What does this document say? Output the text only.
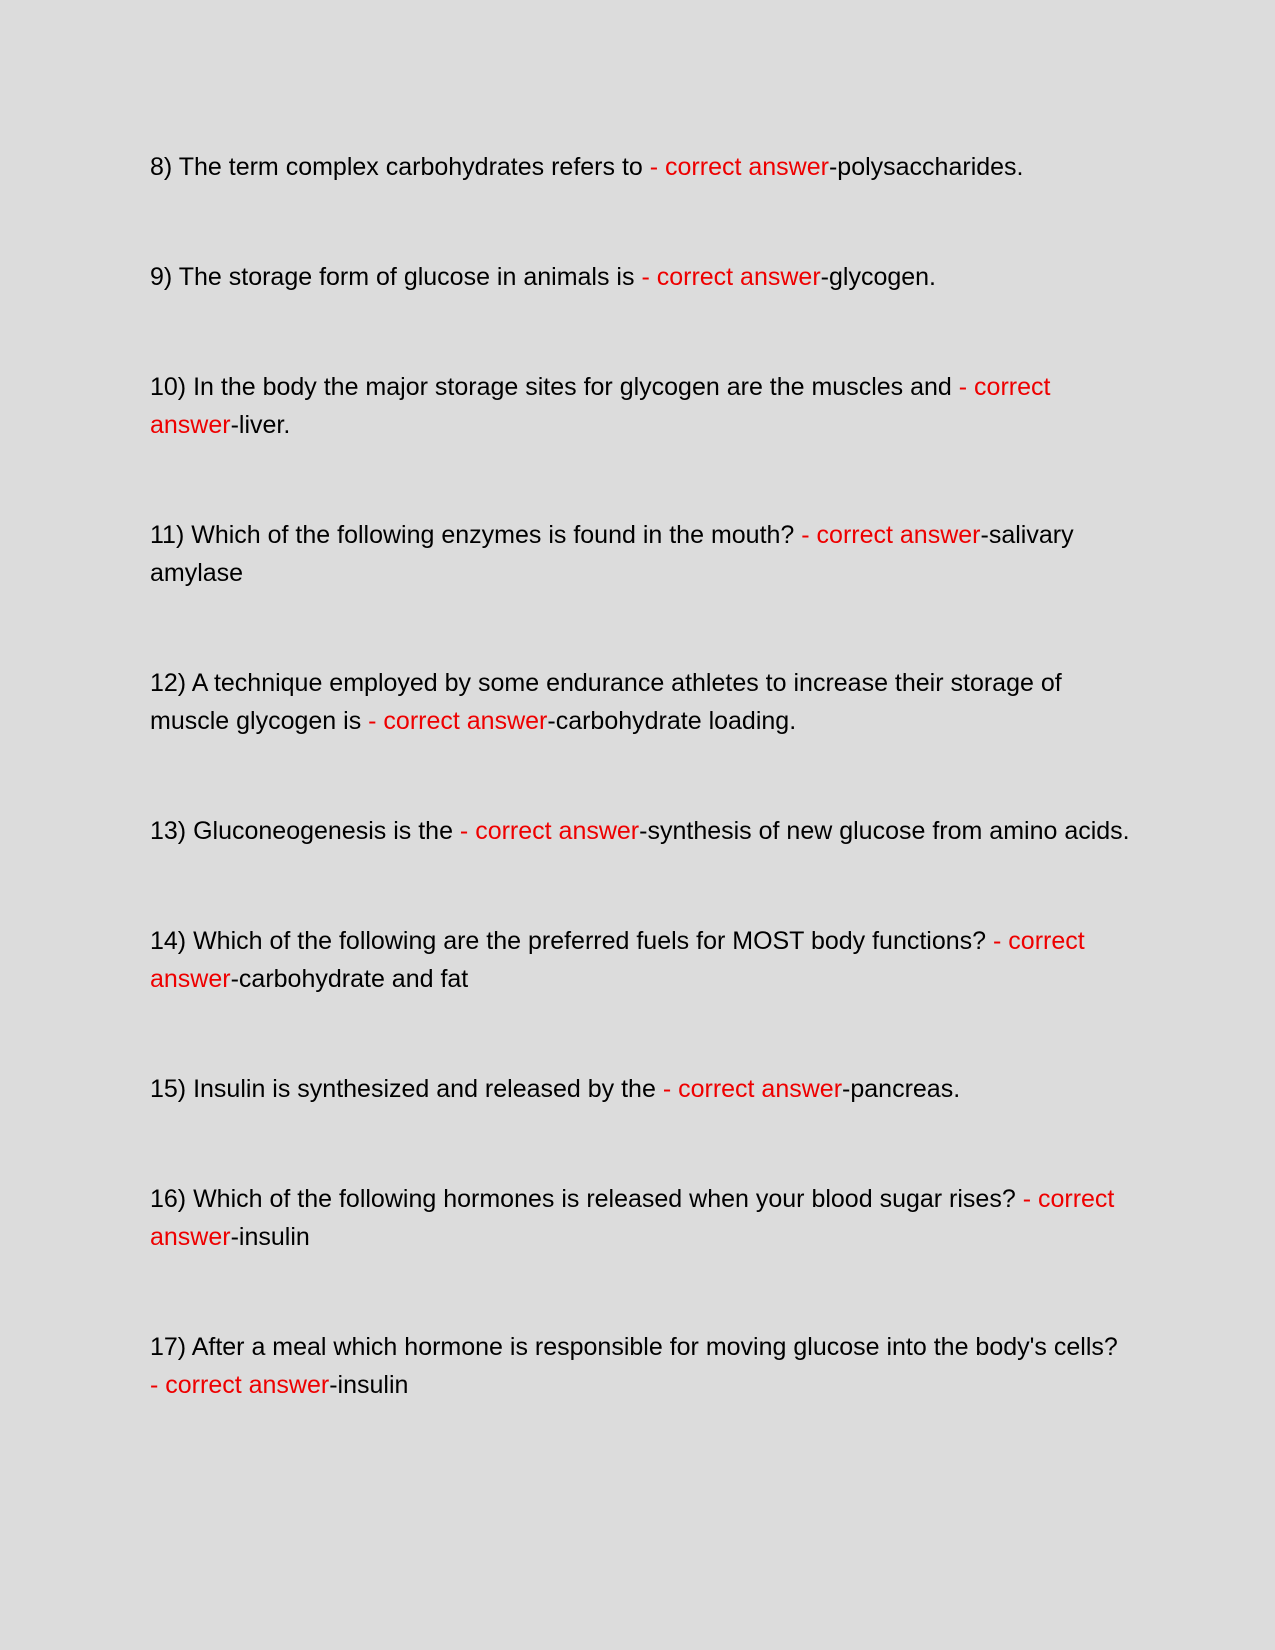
8) The term complex carbohydrates refers to - correct answer-polysaccharides.

9) The storage form of glucose in animals is - correct answer-glycogen.

10) In the body the major storage sites for glycogen are the muscles and - correct answer-liver.

11) Which of the following enzymes is found in the mouth? - correct answer-salivary amylase

12) A technique employed by some endurance athletes to increase their storage of muscle glycogen is - correct answer-carbohydrate loading.

13) Gluconeogenesis is the - correct answer-synthesis of new glucose from amino acids.

14) Which of the following are the preferred fuels for MOST body functions? - correct answer-carbohydrate and fat

15) Insulin is synthesized and released by the - correct answer-pancreas.

16) Which of the following hormones is released when your blood sugar rises? - correct answer-insulin

17) After a meal which hormone is responsible for moving glucose into the body's cells? - correct answer-insulin
